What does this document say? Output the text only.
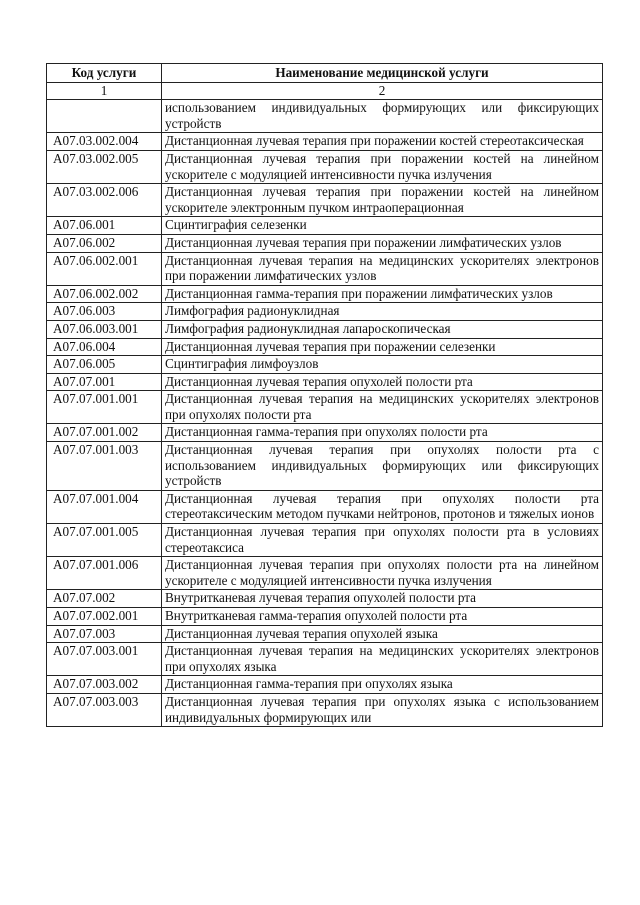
Код услуги	Наименование медицинской услуги
1	2
	использованием индивидуальных формирующих или фиксирующих устройств
A07.03.002.004	Дистанционная лучевая терапия при поражении костей стереотаксическая
A07.03.002.005	Дистанционная лучевая терапия при поражении костей на линейном ускорителе с модуляцией интенсивности пучка излучения
A07.03.002.006	Дистанционная лучевая терапия при поражении костей на линейном ускорителе электронным пучком интраоперационная
A07.06.001	Сцинтиграфия селезенки
A07.06.002	Дистанционная лучевая терапия при поражении лимфатических узлов
A07.06.002.001	Дистанционная лучевая терапия на медицинских ускорителях электронов при поражении лимфатических узлов
A07.06.002.002	Дистанционная гамма-терапия при поражении лимфатических узлов
A07.06.003	Лимфография радионуклидная
A07.06.003.001	Лимфография радионуклидная лапароскопическая
A07.06.004	Дистанционная лучевая терапия при поражении селезенки
A07.06.005	Сцинтиграфия лимфоузлов
A07.07.001	Дистанционная лучевая терапия опухолей полости рта
A07.07.001.001	Дистанционная лучевая терапия на медицинских ускорителях электронов при опухолях полости рта
A07.07.001.002	Дистанционная гамма-терапия при опухолях полости рта
A07.07.001.003	Дистанционная лучевая терапия при опухолях полости рта с использованием индивидуальных формирующих или фиксирующих устройств
A07.07.001.004	Дистанционная лучевая терапия при опухолях полости рта стереотаксическим методом пучками нейтронов, протонов и тяжелых ионов
A07.07.001.005	Дистанционная лучевая терапия при опухолях полости рта в условиях стереотаксиса
A07.07.001.006	Дистанционная лучевая терапия при опухолях полости рта на линейном ускорителе с модуляцией интенсивности пучка излучения
A07.07.002	Внутритканевая лучевая терапия опухолей полости рта
A07.07.002.001	Внутритканевая гамма-терапия опухолей полости рта
A07.07.003	Дистанционная лучевая терапия опухолей языка
A07.07.003.001	Дистанционная лучевая терапия на медицинских ускорителях электронов при опухолях языка
A07.07.003.002	Дистанционная гамма-терапия при опухолях языка
A07.07.003.003	Дистанционная лучевая терапия при опухолях языка с использованием индивидуальных формирующих или
